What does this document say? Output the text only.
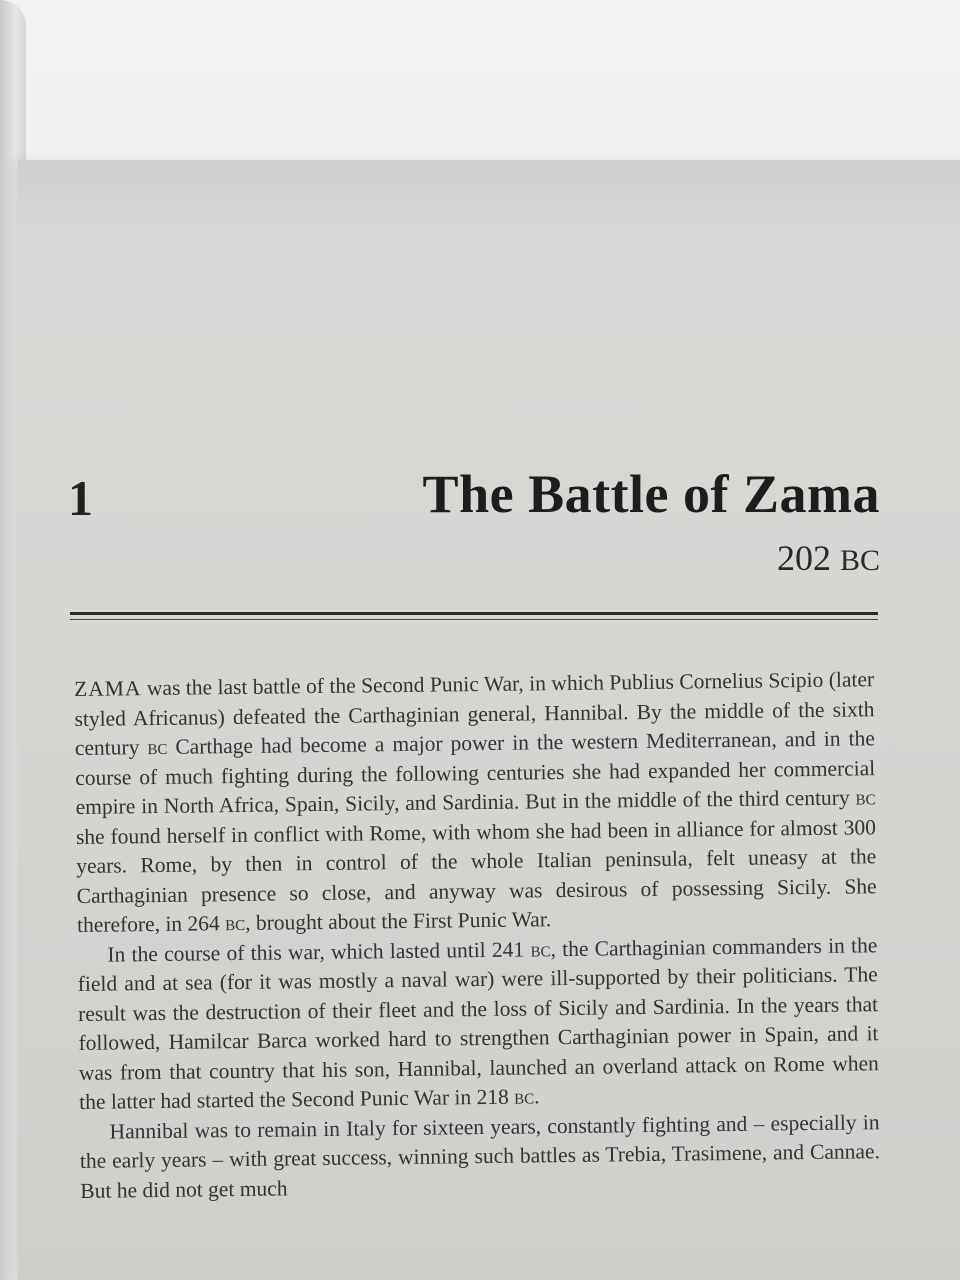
1	The Battle of Zama
202 BC

ZAMA was the last battle of the Second Punic War, in which Publius Cornelius Scipio (later styled Africanus) defeated the Carthaginian general, Hannibal. By the middle of the sixth century bc Carthage had become a major power in the western Mediterranean, and in the course of much fighting during the following centuries she had expanded her commercial empire in North Africa, Spain, Sicily, and Sardinia. But in the middle of the third century bc she found herself in conflict with Rome, with whom she had been in alliance for almost 300 years. Rome, by then in control of the whole Italian peninsula, felt uneasy at the Carthaginian presence so close, and anyway was desirous of possessing Sicily. She therefore, in 264 bc, brought about the First Punic War.

In the course of this war, which lasted until 241 bc, the Carthaginian commanders in the field and at sea (for it was mostly a naval war) were ill-supported by their politicians. The result was the destruction of their fleet and the loss of Sicily and Sardinia. In the years that followed, Hamilcar Barca worked hard to strengthen Carthaginian power in Spain, and it was from that country that his son, Hannibal, launched an overland attack on Rome when the latter had started the Second Punic War in 218 bc.

Hannibal was to remain in Italy for sixteen years, constantly fighting and – especially in the early years – with great success, winning such battles as Trebia, Trasimene, and Cannae. But he did not get much
